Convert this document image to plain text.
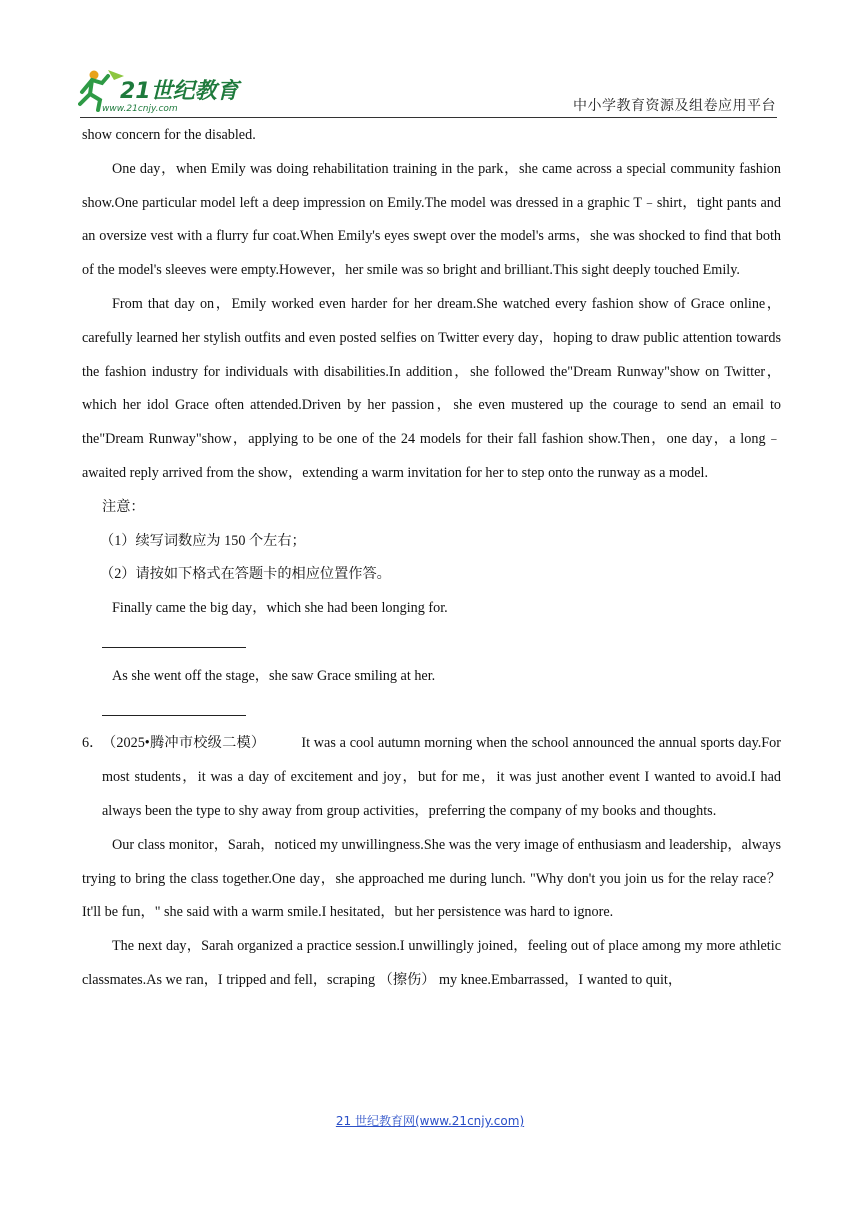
21世纪教育
www.21cnjy.com	中小学教育资源及组卷应用平台

show concern for the disabled.

One day，when Emily was doing rehabilitation training in the park，she came across a special community fashion show.One particular model left a deep impression on Emily.The model was dressed in a graphic T﹣shirt，tight pants and an oversize vest with a flurry fur coat.When Emily's eyes swept over the model's arms，she was shocked to find that both of the model's sleeves were empty.However，her smile was so bright and brilliant.This sight deeply touched Emily.

From that day on，Emily worked even harder for her dream.She watched every fashion show of Grace online，carefully learned her stylish outfits and even posted selfies on Twitter every day，hoping to draw public attention towards the fashion industry for individuals with disabilities.In addition，she followed the"Dream Runway"show on Twitter，which her idol Grace often attended.Driven by her passion，she even mustered up the courage to send an email to the"Dream Runway"show，applying to be one of the 24 models for their fall fashion show.Then，one day，a long﹣awaited reply arrived from the show，extending a warm invitation for her to step onto the runway as a model.

注意：

（1）续写词数应为 150 个左右；

（2）请按如下格式在答题卡的相应位置作答。

Finally came the big day，which she had been longing for.

As she went off the stage，she saw Grace smiling at her.

6．

（2025•腾冲市校级二模）	It was a cool autumn morning when the school announced the annual sports day.For most students，it was a day of excitement and joy，but for me，it was just another event I wanted to avoid.I had always been the type to shy away from group activities，preferring the company of my books and thoughts.

Our class monitor，Sarah，noticed my unwillingness.She was the very image of enthusiasm and leadership，always trying to bring the class together.One day，she approached me during lunch. "Why don't you join us for the relay race？It'll be fun，" she said with a warm smile.I hesitated，but her persistence was hard to ignore.

The next day，Sarah organized a practice session.I unwillingly joined，feeling out of place among my more athletic classmates.As we ran，I tripped and fell，scraping （擦伤） my knee.Embarrassed，I wanted to quit，

21 世纪教育网(www.21cnjy.com)
